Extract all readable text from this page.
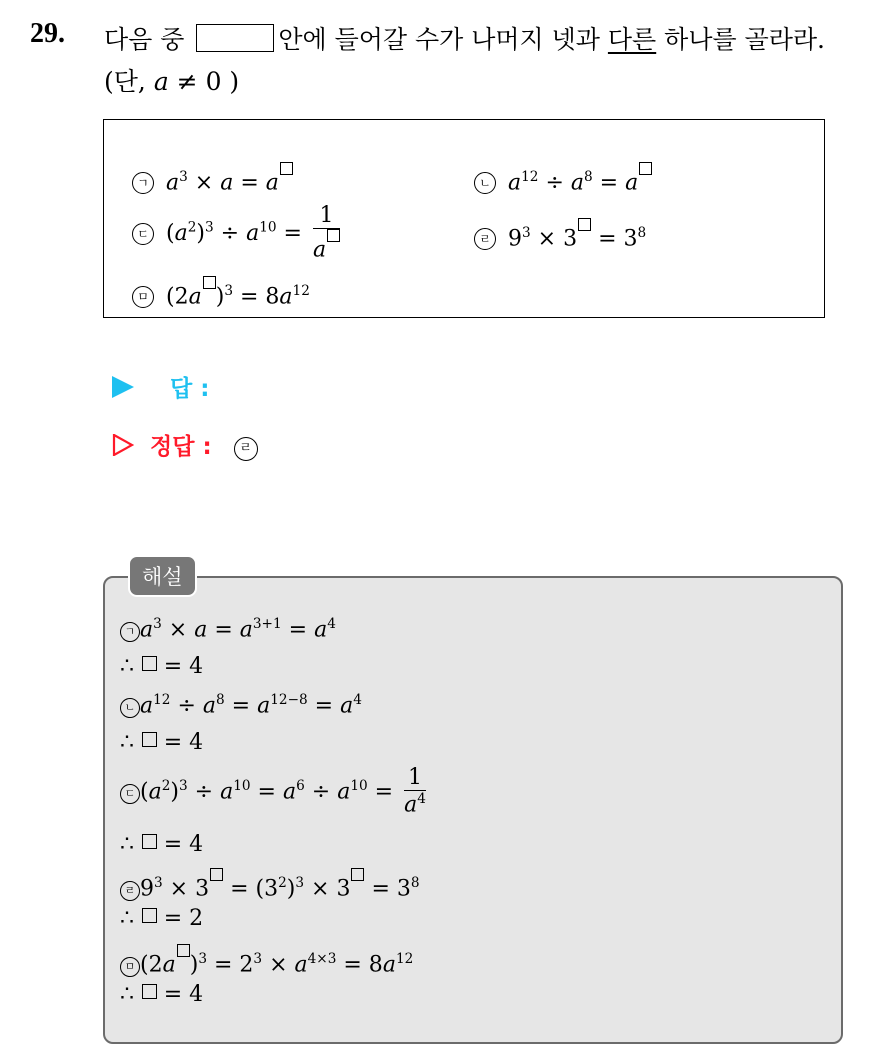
29. 다음 중	안에 들어갈 수가 나머지 넷과 다른 하나를 골라라.
(단, a ≠ 0 )
ㄱ $a^3 \times a = a$	ㄴ $a^{12} \div a^8 = a$
ㄷ $(a^2)^3 \div a^{10} = \frac{1}{a}$	ㄹ $9^3 \times 3 = 3^8$
ㅁ (2a )$^3 = 8a^{12}$
답 :
정답 : ㄹ
해설
ㄱ $a^3 \times a = a^{3+1} = a^4$
∴  = 4
ㄴ $a^{12} \div a^8 = a^{12-8} = a^4$
∴  = 4
ㄷ $(a^2)^3 \div a^{10} = a^6 \div a^{10} = \frac{1}{a^4}$
∴  = 4
ㄹ $9^3 \times 3 = (3^2)^3 \times 3 = 3^8$
∴  = 2
ㅁ (2a )$^3 = 2^3 \times a^{4\times 3} = 8a^{12}$
∴  = 4
